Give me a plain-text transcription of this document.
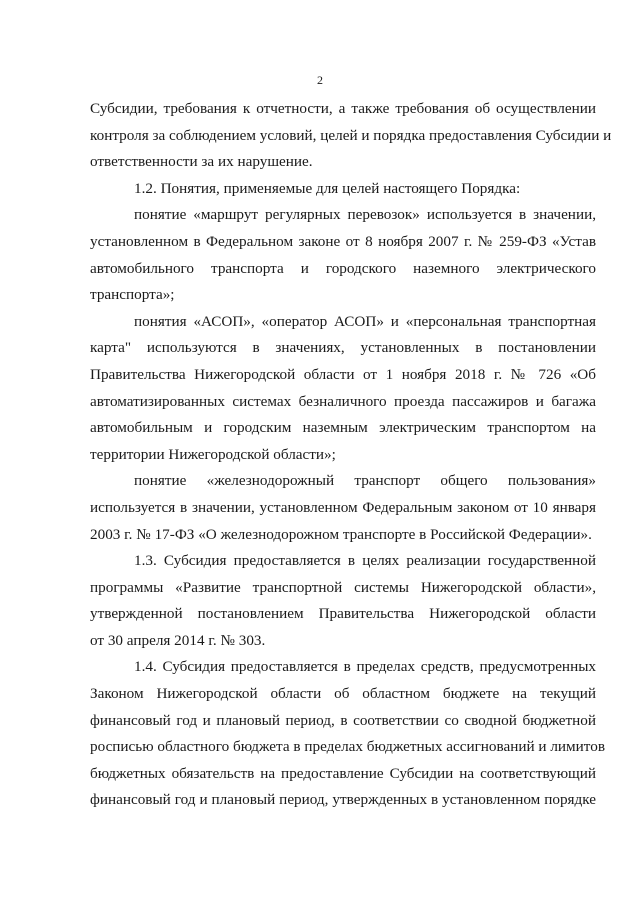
2
Субсидии, требования к отчетности, а также требования об осуществлении
контроля за соблюдением условий, целей и порядка предоставления Субсидии и
ответственности за их нарушение.
1.2. Понятия, применяемые для целей настоящего Порядка:
понятие «маршрут регулярных перевозок» используется в значении,
установленном в Федеральном законе от 8 ноября 2007 г. № 259-ФЗ «Устав
автомобильного транспорта и городского наземного электрического
транспорта»;
понятия «АСОП», «оператор АСОП» и «персональная транспортная
карта" используются в значениях, установленных в постановлении
Правительства Нижегородской области от 1 ноября 2018 г. № 726 «Об
автоматизированных системах безналичного проезда пассажиров и багажа
автомобильным и городским наземным электрическим транспортом на
территории Нижегородской области»;
понятие «железнодорожный транспорт общего пользования»
используется в значении, установленном Федеральным законом от 10 января
2003 г. № 17-ФЗ «О железнодорожном транспорте в Российской Федерации».
1.3. Субсидия предоставляется в целях реализации государственной
программы «Развитие транспортной системы Нижегородской области»,
утвержденной постановлением Правительства Нижегородской области
от 30 апреля 2014 г. № 303.
1.4. Субсидия предоставляется в пределах средств, предусмотренных
Законом Нижегородской области об областном бюджете на текущий
финансовый год и плановый период, в соответствии со сводной бюджетной
росписью областного бюджета в пределах бюджетных ассигнований и лимитов
бюджетных обязательств на предоставление Субсидии на соответствующий
финансовый год и плановый период, утвержденных в установленном порядке
